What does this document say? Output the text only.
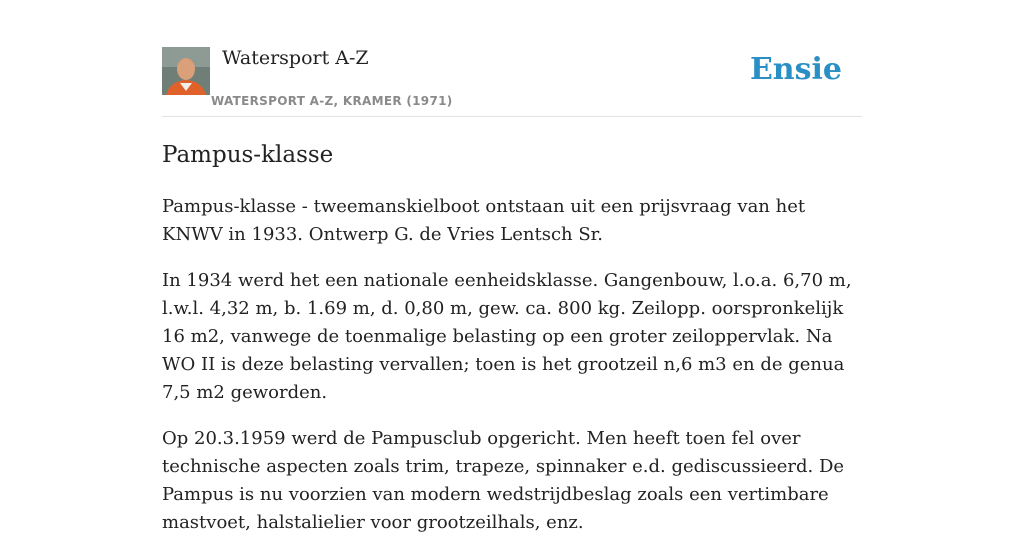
Watersport A-Z
WATERSPORT A-Z, KRAMER (1971)
Ensie
Pampus-klasse

Pampus-klasse - tweemanskielboot ontstaan uit een prijsvraag van het KNWV in 1933. Ontwerp G. de Vries Lentsch Sr.

In 1934 werd het een nationale eenheidsklasse. Gangenbouw, l.o.a. 6,70 m, l.w.l. 4,32 m, b. 1.69 m, d. 0,80 m, gew. ca. 800 kg. Zeilopp. oorspronkelijk 16 m2, vanwege de toenmalige belasting op een groter zeiloppervlak. Na WO II is deze belasting vervallen; toen is het grootzeil n,6 m3 en de genua 7,5 m2 geworden.

Op 20.3.1959 werd de Pampusclub opgericht. Men heeft toen fel over technische aspecten zoals trim, trapeze, spinnaker e.d. gediscussieerd. De Pampus is nu voorzien van modern wedstrijdbeslag zoals een vertimbare mastvoet, halstalielier voor grootzeilhals, enz.
